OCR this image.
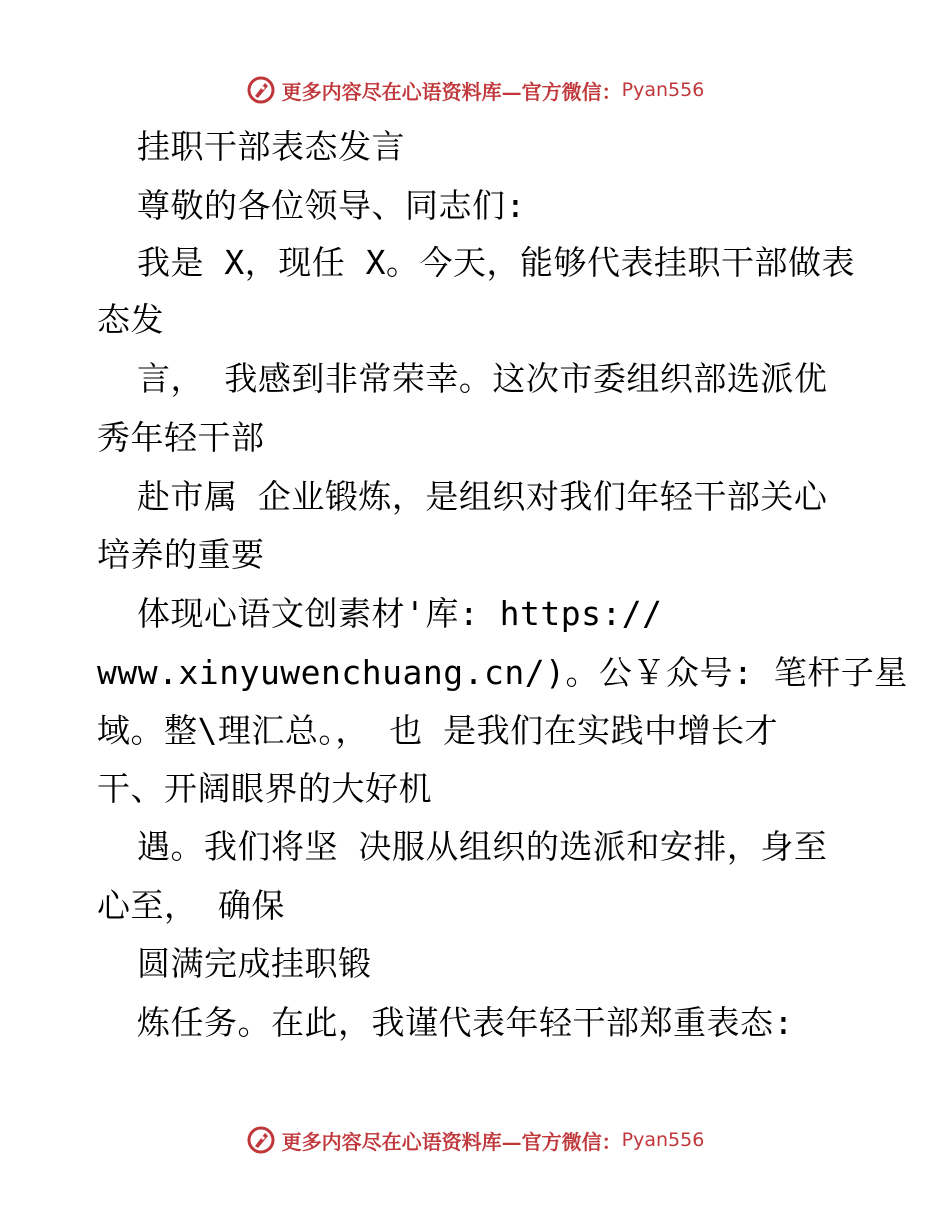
更多内容尽在心语资料库—官方微信： Pyan556
挂职干部表态发言
尊敬的各位领导、同志们:
我是 X，现任 X。今天，能够代表挂职干部做表
态发
言， 我感到非常荣幸。这次市委组织部选派优
秀年轻干部
赴市属 企业锻炼，是组织对我们年轻干部关心
培养的重要
体现心语文创素材'库: https://
www.xinyuwenchuang.cn/)。公￥众号: 笔杆子星
域。整\理汇总。， 也 是我们在实践中增长才
干、开阔眼界的大好机
遇。我们将坚 决服从组织的选派和安排，身至
心至， 确保
圆满完成挂职锻
炼任务。在此，我谨代表年轻干部郑重表态:
更多内容尽在心语资料库—官方微信： Pyan556
